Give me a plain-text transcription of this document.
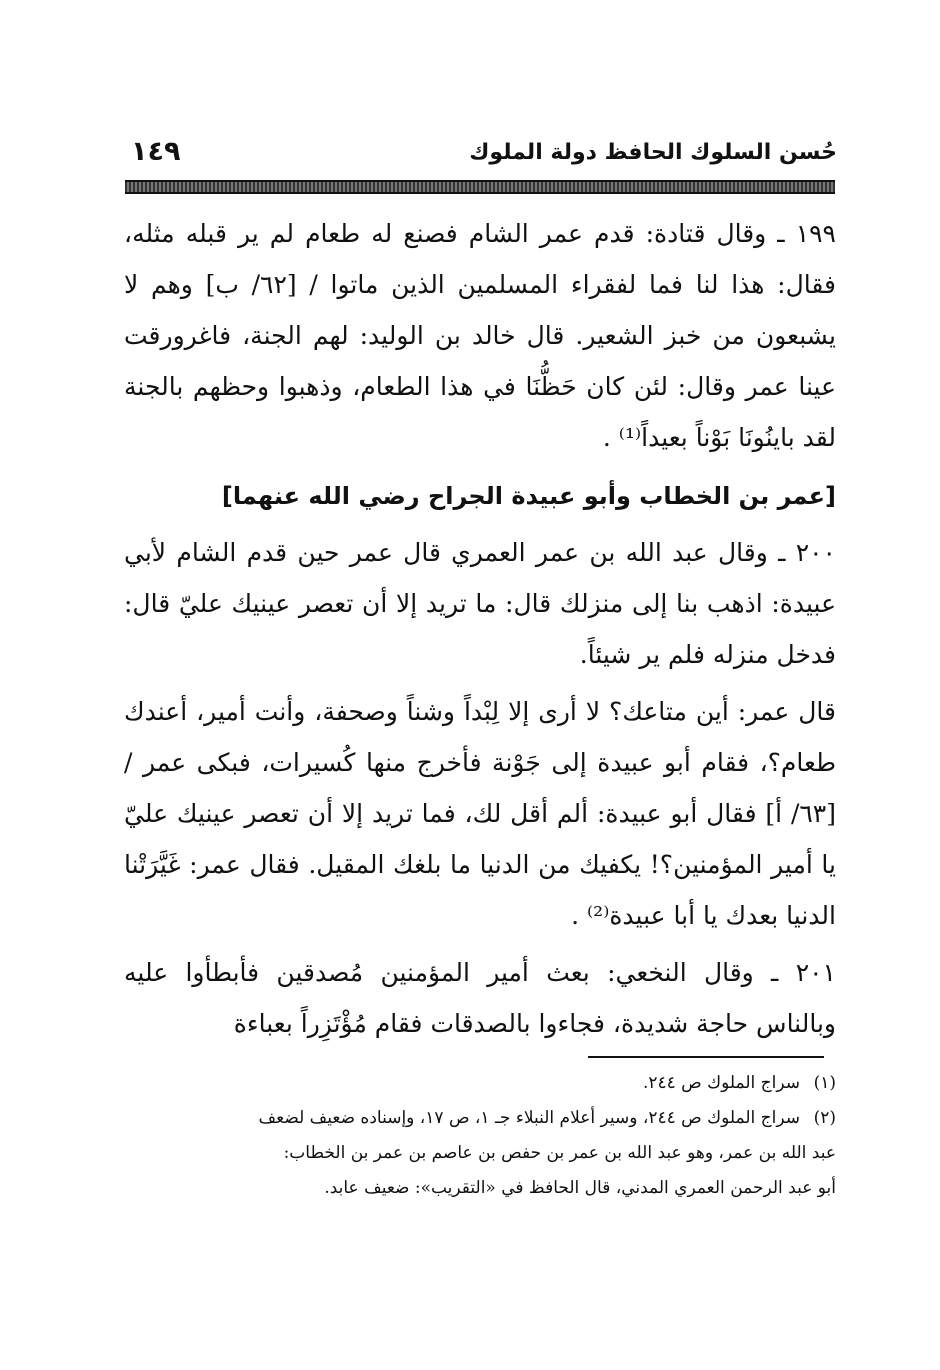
حُسن السلوك الحافظ دولة الملوك
١٤٩

١٩٩ ـ وقال قتادة: قدم عمر الشام فصنع له طعام لم ير قبله مثله، فقال: هذا لنا فما لفقراء المسلمين الذين ماتوا / [٦٢/ ب] وهم لا يشبعون من خبز الشعير. قال خالد بن الوليد: لهم الجنة، فاغرورقت عينا عمر وقال: لئن كان حَظُّنَا في هذا الطعام، وذهبوا وحظهم بالجنة لقد باينُونَا بَوْناً بعيداً⁽¹⁾ .

[عمر بن الخطاب وأبو عبيدة الجراح رضي الله عنهما]

٢٠٠ ـ وقال عبد الله بن عمر العمري قال عمر حين قدم الشام لأبي عبيدة: اذهب بنا إلى منزلك قال: ما تريد إلا أن تعصر عينيك عليّ قال: فدخل منزله فلم ير شيئاً.

قال عمر: أين متاعك؟ لا أرى إلا لِبْداً وشناً وصحفة، وأنت أمير، أعندك طعام؟، فقام أبو عبيدة إلى جَوْنة فأخرج منها كُسيرات، فبكى عمر / [٦٣/ أ] فقال أبو عبيدة: ألم أقل لك، فما تريد إلا أن تعصر عينيك عليّ يا أمير المؤمنين؟! يكفيك من الدنيا ما بلغك المقيل. فقال عمر: غَيَّرَتْنا الدنيا بعدك يا أبا عبيدة⁽²⁾ .

٢٠١ ـ وقال النخعي: بعث أمير المؤمنين مُصدقين فأبطأوا عليه وبالناس حاجة شديدة، فجاءوا بالصدقات فقام مُؤْتَزِراً بعباءة

(١)
سراج الملوك ص ٢٤٤.
(٢)
سراج الملوك ص ٢٤٤، وسير أعلام النبلاء جـ ١، ص ١٧، وإسناده ضعيف لضعف
عبد الله بن عمر، وهو عبد الله بن عمر بن حفص بن عاصم بن عمر بن الخطاب:
أبو عبد الرحمن العمري المدني، قال الحافظ في «التقريب»: ضعيف عابد.
